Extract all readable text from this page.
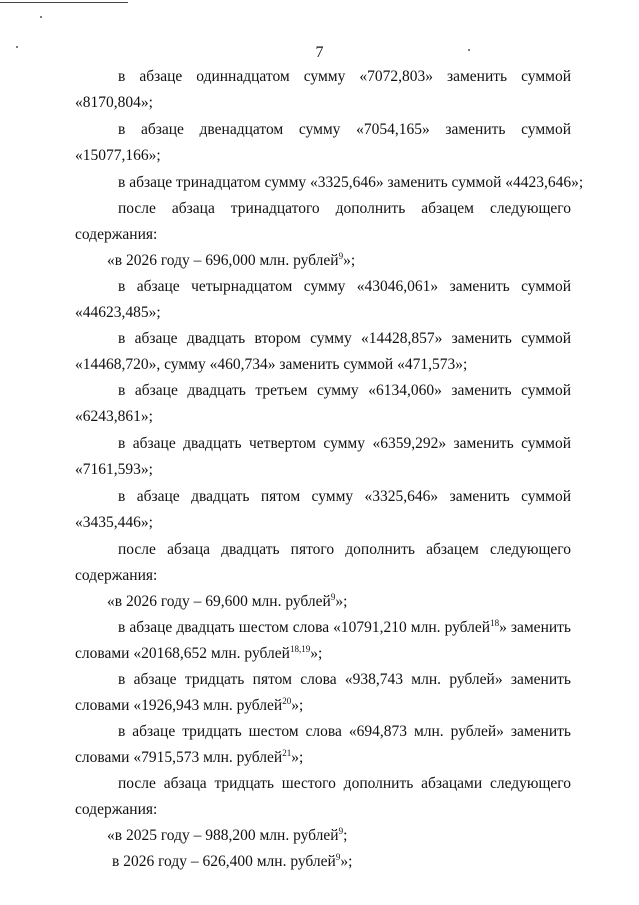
7
в абзаце одиннадцатом сумму «7072,803» заменить суммой
«8170,804»;
в абзаце двенадцатом сумму «7054,165» заменить суммой
«15077,166»;
в абзаце тринадцатом сумму «3325,646» заменить суммой «4423,646»;
после абзаца тринадцатого дополнить абзацем следующего
содержания:
«в 2026 году – 696,000 млн. рублей$^9$»;
в абзаце четырнадцатом сумму «43046,061» заменить суммой
«44623,485»;
в абзаце двадцать втором сумму «14428,857» заменить суммой
«14468,720», сумму «460,734» заменить суммой «471,573»;
в абзаце двадцать третьем сумму «6134,060» заменить суммой
«6243,861»;
в абзаце двадцать четвертом сумму «6359,292» заменить суммой
«7161,593»;
в абзаце двадцать пятом сумму «3325,646» заменить суммой
«3435,446»;
после абзаца двадцать пятого дополнить абзацем следующего
содержания:
«в 2026 году – 69,600 млн. рублей$^9$»;
в абзаце двадцать шестом слова «10791,210 млн. рублей$^{18}$» заменить
словами «20168,652 млн. рублей$^{18,19}$»;
в абзаце тридцать пятом слова «938,743 млн. рублей» заменить
словами «1926,943 млн. рублей$^{20}$»;
в абзаце тридцать шестом слова «694,873 млн. рублей» заменить
словами «7915,573 млн. рублей$^{21}$»;
после абзаца тридцать шестого дополнить абзацами следующего
содержания:
«в 2025 году – 988,200 млн. рублей$^9$;
в 2026 году – 626,400 млн. рублей$^9$»;
